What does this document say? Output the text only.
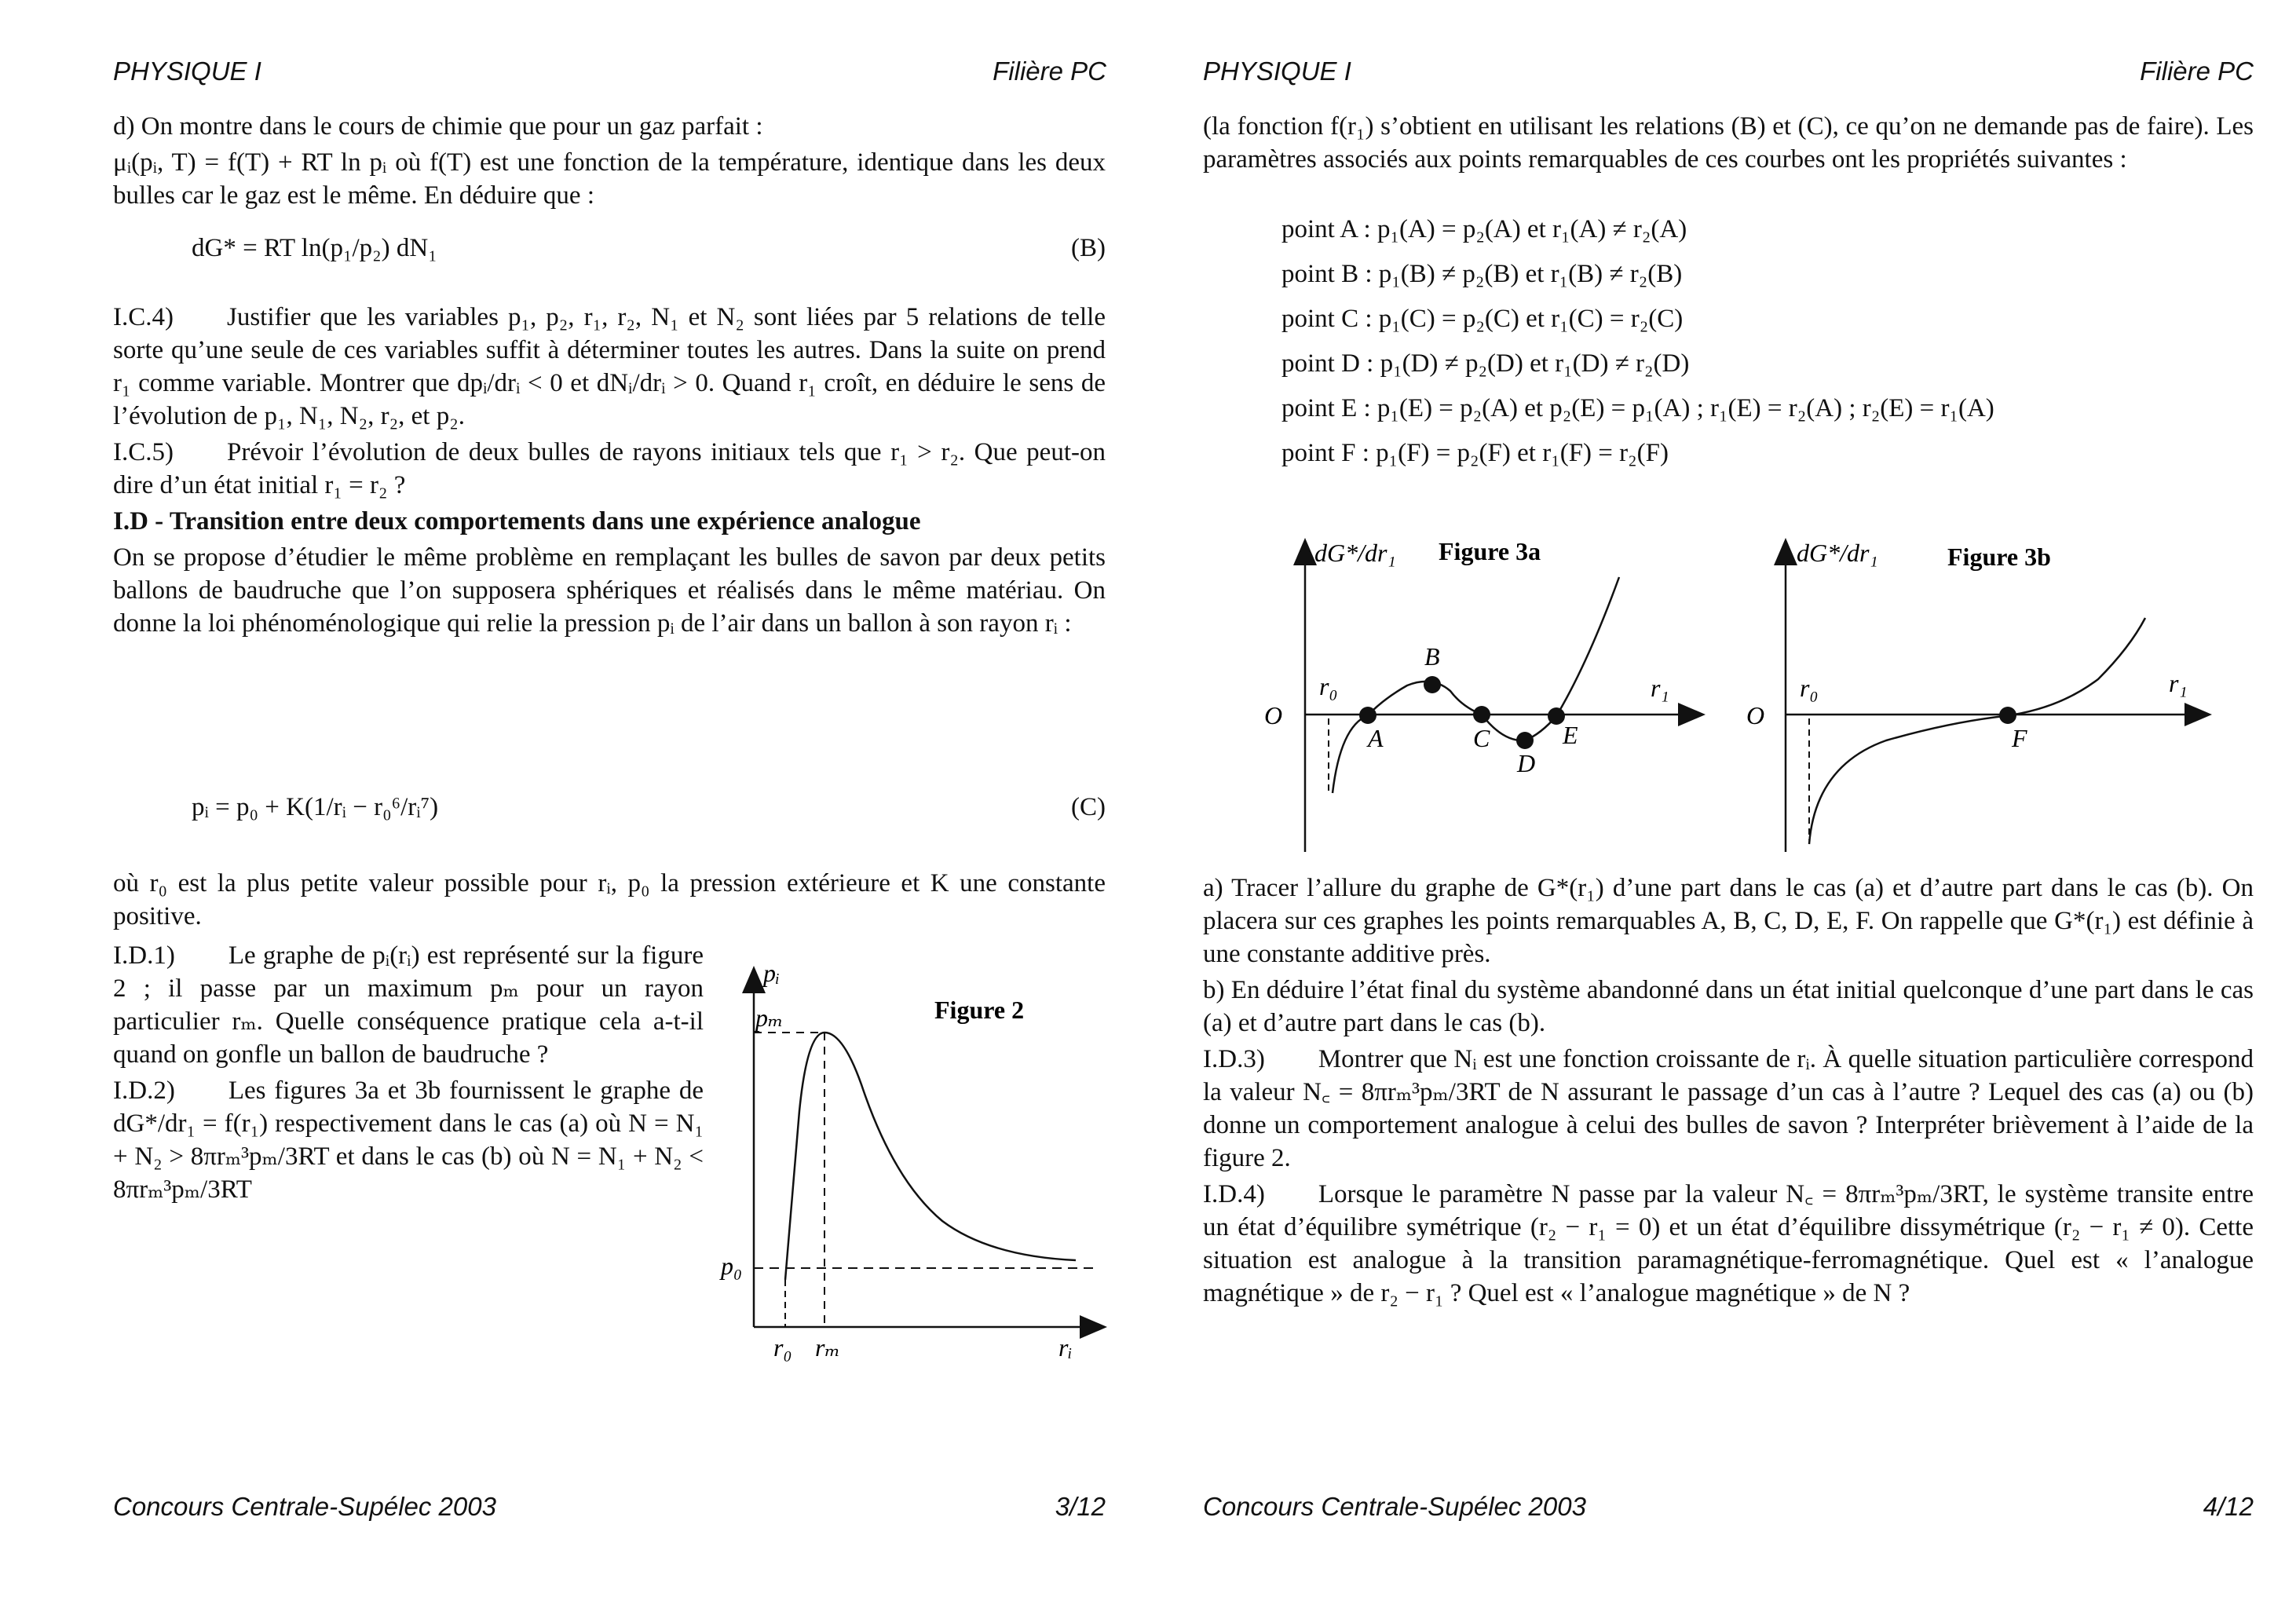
PHYSIQUE I	Filière PC

d) On montre dans le cours de chimie que pour un gaz parfait :

μᵢ(pᵢ, T) = f(T) + RT ln pᵢ où f(T) est une fonction de la température, identique dans les deux bulles car le gaz est le même. En déduire que :

dG* = RT ln(p₁/p₂) dN₁	(B)

I.C.4) Justifier que les variables p₁, p₂, r₁, r₂, N₁ et N₂ sont liées par 5 relations de telle sorte qu’une seule de ces variables suffit à déterminer toutes les autres. Dans la suite on prend r₁ comme variable. Montrer que dpᵢ/drᵢ < 0 et dNᵢ/drᵢ > 0. Quand r₁ croît, en déduire le sens de l’évolution de p₁, N₁, N₂, r₂, et p₂.

I.C.5) Prévoir l’évolution de deux bulles de rayons initiaux tels que r₁ > r₂. Que peut-on dire d’un état initial r₁ = r₂ ?

I.D - Transition entre deux comportements dans une expérience analogue

On se propose d’étudier le même problème en remplaçant les bulles de savon par deux petits ballons de baudruche que l’on supposera sphériques et réalisés dans le même matériau. On donne la loi phénoménologique qui relie la pression pᵢ de l’air dans un ballon à son rayon rᵢ :

pᵢ = p₀ + K(1/rᵢ − r₀⁶/rᵢ⁷)	(C)
où r₀ est la plus petite valeur possible pour rᵢ, p₀ la pression extérieure et K une constante positive.

I.D.1) Le graphe de pᵢ(rᵢ) est représenté sur la figure 2 ; il passe par un maximum pₘ pour un rayon particulier rₘ. Quelle conséquence pratique cela a-t-il quand on gonfle un ballon de baudruche ?

I.D.2) Les figures 3a et 3b fournissent le graphe de dG*/dr₁ = f(r₁) respectivement dans le cas (a) où N = N₁ + N₂ > 8πrₘ³pₘ/3RT et dans le cas (b) où N = N₁ + N₂ < 8πrₘ³pₘ/3RT

pᵢ
pₘ
p₀
r₀ rₘ	rᵢ
Figure 2
Concours Centrale-Supélec 2003	3/12
PHYSIQUE I	Filière PC
(la fonction f(r₁) s’obtient en utilisant les relations (B) et (C), ce qu’on ne demande pas de faire). Les paramètres associés aux points remarquables de ces courbes ont les propriétés suivantes :
point A : p₁(A) = p₂(A) et r₁(A) ≠ r₂(A)
point B : p₁(B) ≠ p₂(B) et r₁(B) ≠ r₂(B)
point C : p₁(C) = p₂(C) et r₁(C) = r₂(C)
point D : p₁(D) ≠ p₂(D) et r₁(D) ≠ r₂(D)
point E : p₁(E) = p₂(A) et p₂(E) = p₁(A) ; r₁(E) = r₂(A) ; r₂(E) = r₁(A)
point F : p₁(F) = p₂(F) et r₁(F) = r₂(F)
dG*/dr₁ Figure 3a
O
r₀	r₁
A
B
C
D
E
dG*/dr₁	Figure 3b
O
r₀	r₁
F

a) Tracer l’allure du graphe de G*(r₁) d’une part dans le cas (a) et d’autre part dans le cas (b). On placera sur ces graphes les points remarquables A, B, C, D, E, F. On rappelle que G*(r₁) est définie à une constante additive près.

b) En déduire l’état final du système abandonné dans un état initial quelconque d’une part dans le cas (a) et d’autre part dans le cas (b).

I.D.3) Montrer que Nᵢ est une fonction croissante de rᵢ. À quelle situation particulière correspond la valeur N꜀ = 8πrₘ³pₘ/3RT de N assurant le passage d’un cas à l’autre ? Lequel des cas (a) ou (b) donne un comportement analogue à celui des bulles de savon ? Interpréter brièvement à l’aide de la figure 2.

I.D.4) Lorsque le paramètre N passe par la valeur N꜀ = 8πrₘ³pₘ/3RT, le système transite entre un état d’équilibre symétrique (r₂ − r₁ = 0) et un état d’équilibre dissymétrique (r₂ − r₁ ≠ 0). Cette situation est analogue à la transition paramagnétique-ferromagnétique. Quel est « l’analogue magnétique » de r₂ − r₁ ? Quel est « l’analogue magnétique » de N ?

Concours Centrale-Supélec 2003	4/12
